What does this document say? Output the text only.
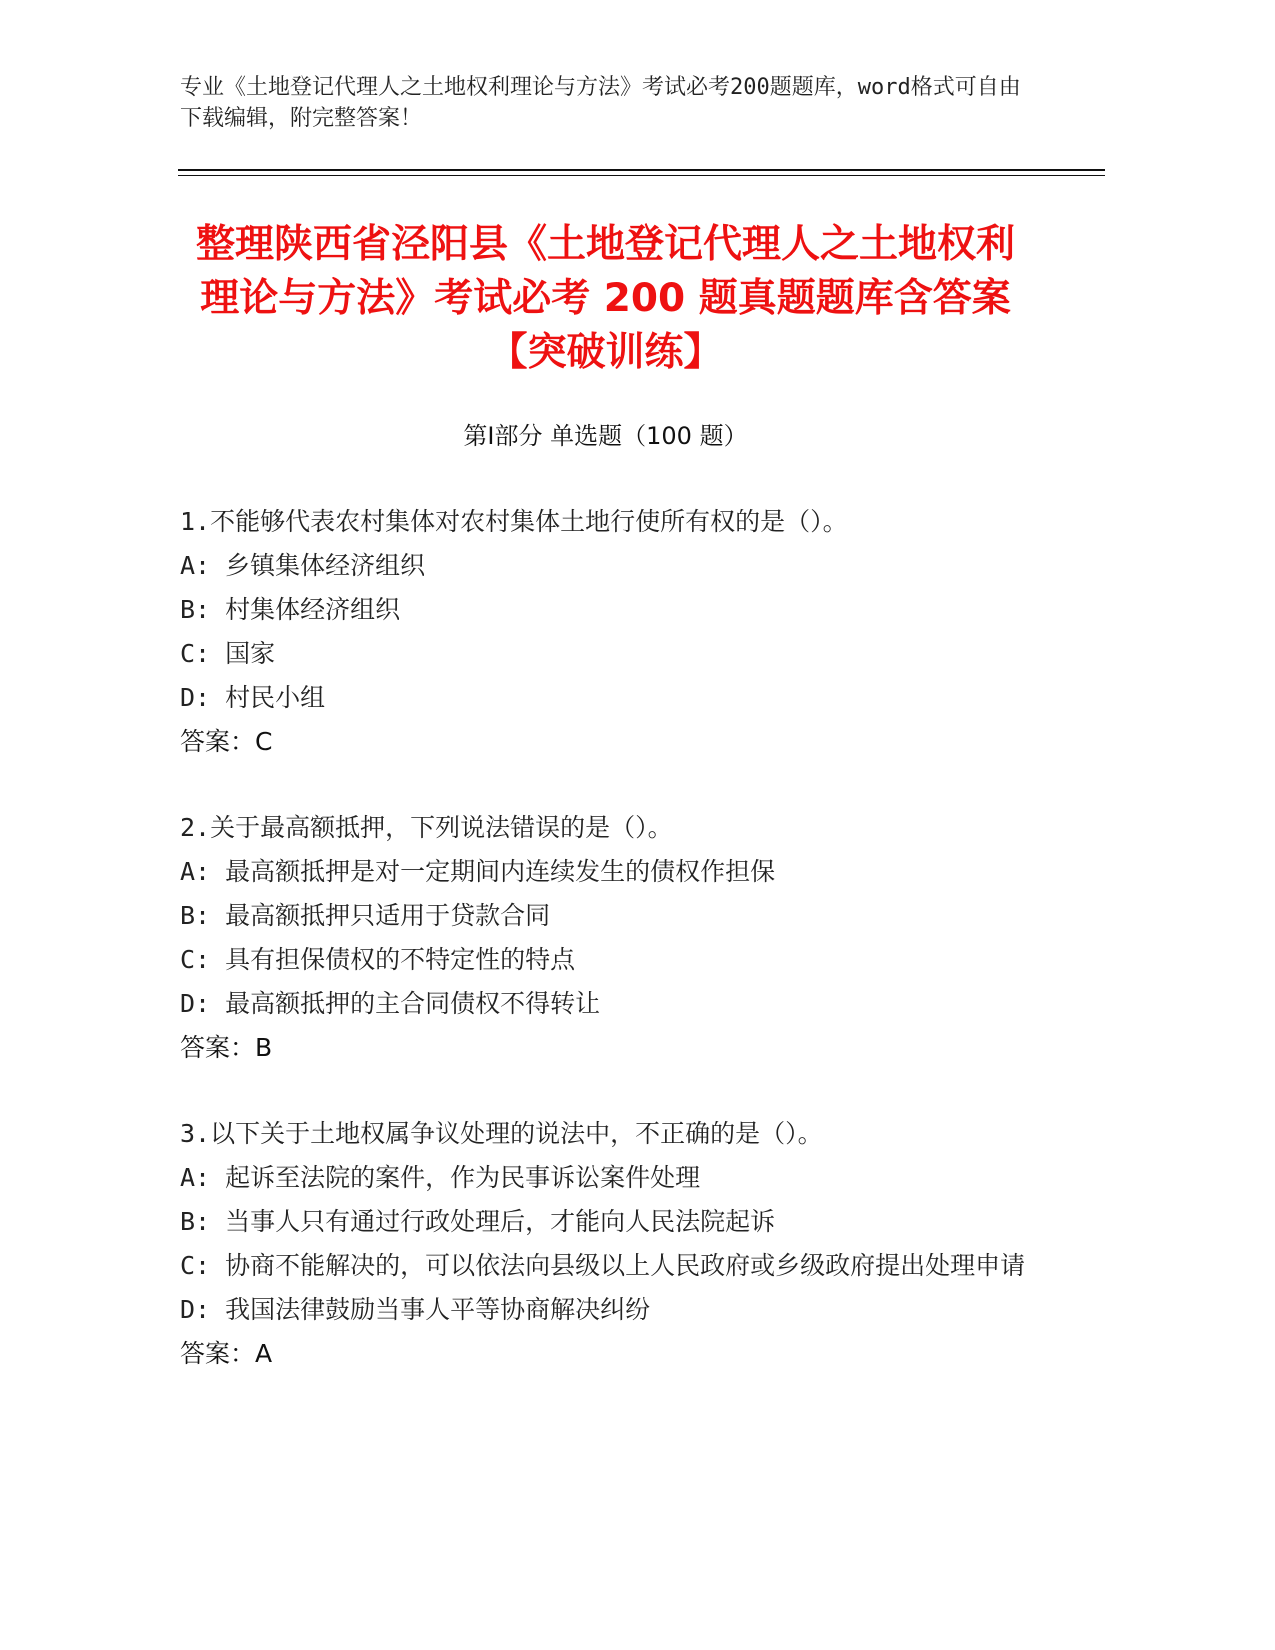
专业《土地登记代理人之土地权利理论与方法》考试必考200题题库，word格式可自由下载编辑，附完整答案！
整理陕西省泾阳县《土地登记代理人之土地权利理论与方法》考试必考 200 题真题题库含答案【突破训练】
第Ⅰ部分 单选题（100 题）

1.不能够代表农村集体对农村集体土地行使所有权的是（）。

A: 乡镇集体经济组织

B: 村集体经济组织

C: 国家

D: 村民小组

答案：C

2.关于最高额抵押，下列说法错误的是（）。

A: 最高额抵押是对一定期间内连续发生的债权作担保

B: 最高额抵押只适用于贷款合同

C: 具有担保债权的不特定性的特点

D: 最高额抵押的主合同债权不得转让

答案：B

3.以下关于土地权属争议处理的说法中，不正确的是（）。

A: 起诉至法院的案件，作为民事诉讼案件处理

B: 当事人只有通过行政处理后，才能向人民法院起诉

C: 协商不能解决的，可以依法向县级以上人民政府或乡级政府提出处理申请

D: 我国法律鼓励当事人平等协商解决纠纷

答案：A
